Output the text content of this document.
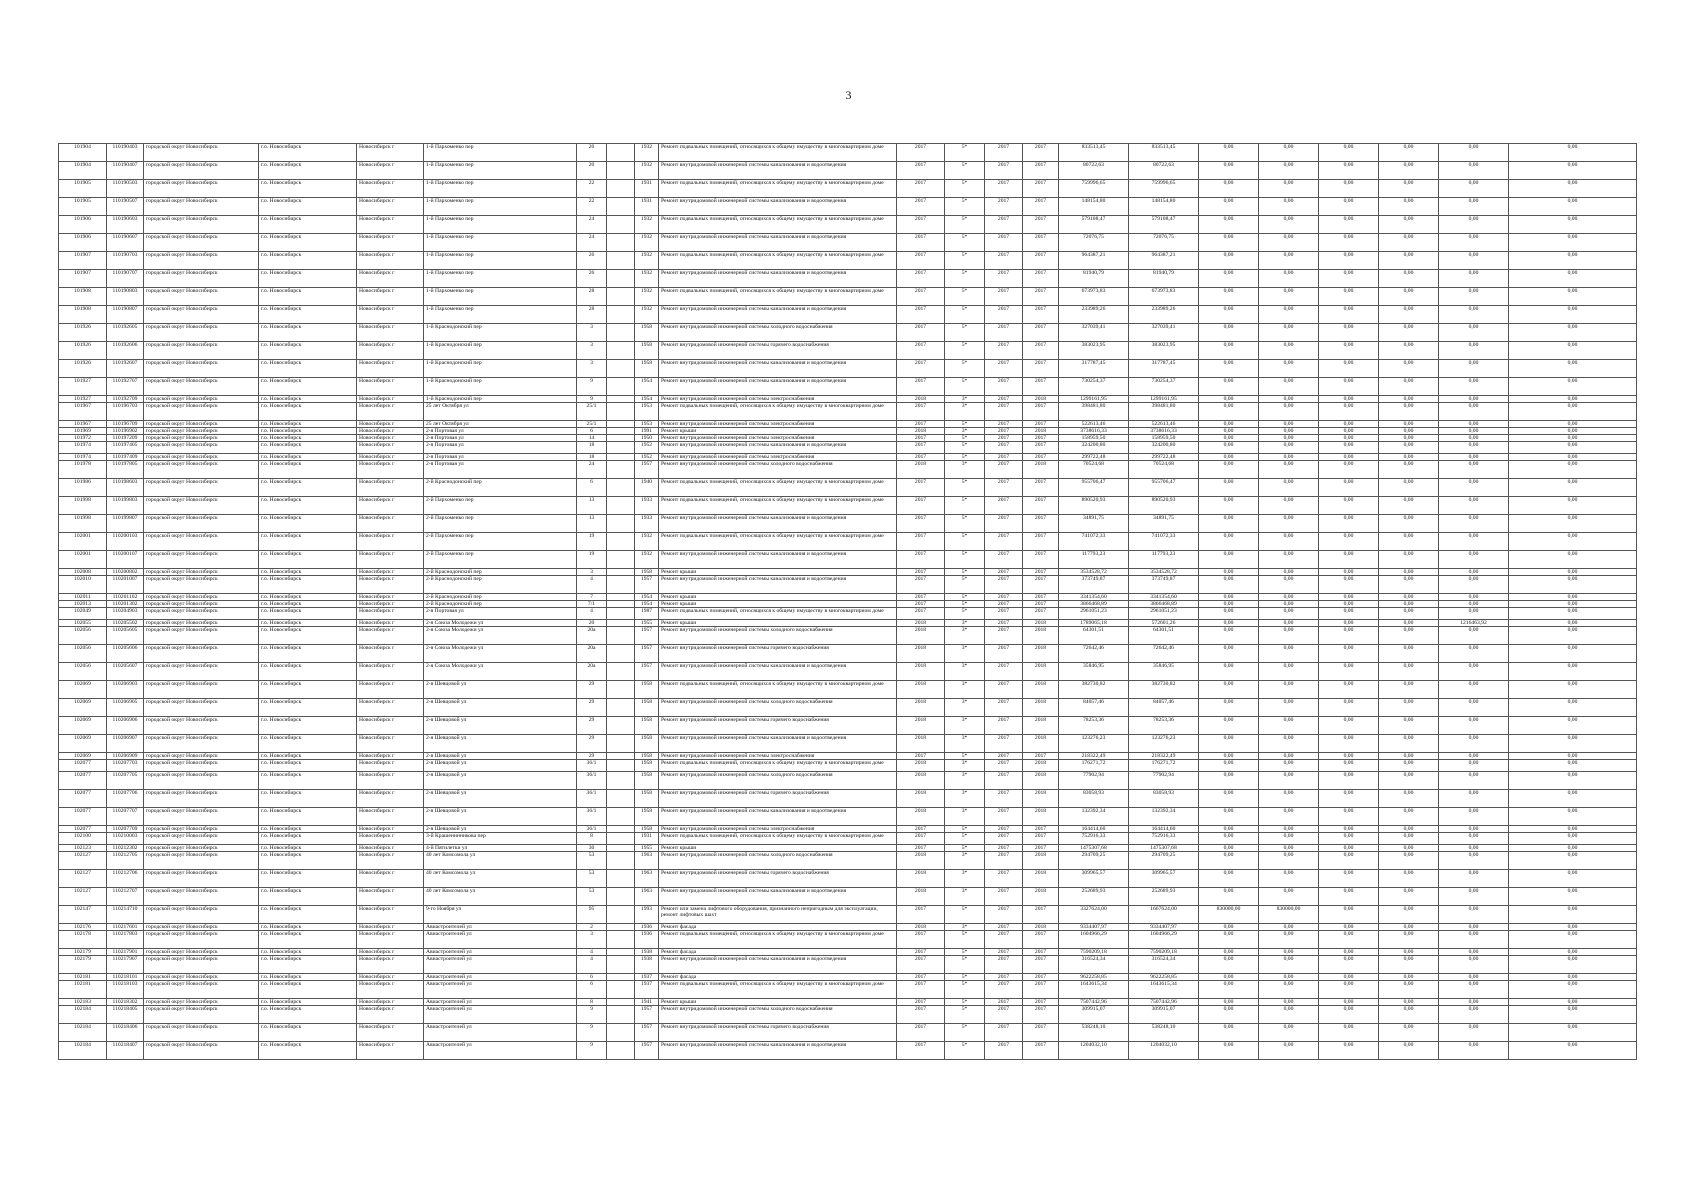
3
101904	110190403	городской округ Новосибирск	г.о. Новосибирск	Новосибирск г	1-й Пархоменко пер	20		1932	Ремонт подвальных помещений, относящихся к общему имуществу в многоквартирном доме	2017	5*	2017	2017	833513,45	833513,45	0,00	0,00	0,00	0,00	0,00	0,00
101904	110190407	городской округ Новосибирск	г.о. Новосибирск	Новосибирск г	1-й Пархоменко пер	20		1932	Ремонт внутридомовой инженерной системы канализования и водоотведения	2017	5*	2017	2017	80722,63	80722,63	0,00	0,00	0,00	0,00	0,00	0,00
101905	110190503	городской округ Новосибирск	г.о. Новосибирск	Новосибирск г	1-й Пархоменко пер	22		1931	Ремонт подвальных помещений, относящихся к общему имуществу в многоквартирном доме	2017	5*	2017	2017	759996,65	759996,65	0,00	0,00	0,00	0,00	0,00	0,00
101905	110190507	городской округ Новосибирск	г.о. Новосибирск	Новосибирск г	1-й Пархоменко пер	22		1931	Ремонт внутридомовой инженерной системы канализования и водоотведения	2017	5*	2017	2017	148154,80	148154,80	0,00	0,00	0,00	0,00	0,00	0,00
101906	110190603	городской округ Новосибирск	г.о. Новосибирск	Новосибирск г	1-й Пархоменко пер	24		1932	Ремонт подвальных помещений, относящихся к общему имуществу в многоквартирном доме	2017	5*	2017	2017	579108,47	579108,47	0,00	0,00	0,00	0,00	0,00	0,00
101906	110190607	городской округ Новосибирск	г.о. Новосибирск	Новосибирск г	1-й Пархоменко пер	24		1932	Ремонт внутридомовой инженерной системы канализования и водоотведения	2017	5*	2017	2017	72076,75	72076,75	0,00	0,00	0,00	0,00	0,00	0,00
101907	110190703	городской округ Новосибирск	г.о. Новосибирск	Новосибирск г	1-й Пархоменко пер	26		1932	Ремонт подвальных помещений, относящихся к общему имуществу в многоквартирном доме	2017	5*	2017	2017	964387,21	964387,21	0,00	0,00	0,00	0,00	0,00	0,00
101907	110190707	городской округ Новосибирск	г.о. Новосибирск	Новосибирск г	1-й Пархоменко пер	26		1932	Ремонт внутридомовой инженерной системы канализования и водоотведения	2017	5*	2017	2017	81940,79	81940,79	0,00	0,00	0,00	0,00	0,00	0,00
101908	110190803	городской округ Новосибирск	г.о. Новосибирск	Новосибирск г	1-й Пархоменко пер	28		1932	Ремонт подвальных помещений, относящихся к общему имуществу в многоквартирном доме	2017	5*	2017	2017	673973,83	673973,83	0,00	0,00	0,00	0,00	0,00	0,00
101908	110190807	городской округ Новосибирск	г.о. Новосибирск	Новосибирск г	1-й Пархоменко пер	28		1932	Ремонт внутридомовой инженерной системы канализования и водоотведения	2017	5*	2017	2017	233989,26	233989,26	0,00	0,00	0,00	0,00	0,00	0,00
101926	110192605	городской округ Новосибирск	г.о. Новосибирск	Новосибирск г	1-й Краснодонский пер	3		1958	Ремонт внутридомовой инженерной системы холодного водоснабжения	2017	5*	2017	2017	327039,41	327039,41	0,00	0,00	0,00	0,00	0,00	0,00
101926	110192606	городской округ Новосибирск	г.о. Новосибирск	Новосибирск г	1-й Краснодонский пер	3		1958	Ремонт внутридомовой инженерной системы горячего водоснабжения	2017	5*	2017	2017	383023,95	383023,95	0,00	0,00	0,00	0,00	0,00	0,00
101926	110192607	городской округ Новосибирск	г.о. Новосибирск	Новосибирск г	1-й Краснодонский пер	3		1958	Ремонт внутридомовой инженерной системы канализования и водоотведения	2017	5*	2017	2017	317787,45	317787,45	0,00	0,00	0,00	0,00	0,00	0,00
101927	110192707	городской округ Новосибирск	г.о. Новосибирск	Новосибирск г	1-й Краснодонский пер	9		1954	Ремонт внутридомовой инженерной системы канализования и водоотведения	2017	5*	2017	2017	730254,37	730254,37	0,00	0,00	0,00	0,00	0,00	0,00
101927	110192709	городской округ Новосибирск	г.о. Новосибирск	Новосибирск г	1-й Краснодонский пер	9		1954	Ремонт внутридомовой инженерной системы электроснабжения	2018	3*	2017	2018	1299161,95	1299161,95	0,00	0,00	0,00	0,00	0,00	0,00
101967	110196703	городской округ Новосибирск	г.о. Новосибирск	Новосибирск г	25 лет Октября ул	25/1		1953	Ремонт подвальных помещений, относящихся к общему имуществу в многоквартирном доме	2017	3*	2017	2017	398481,80	398481,80	0,00	0,00	0,00	0,00	0,00	0,00
101967	110196709	городской округ Новосибирск	г.о. Новосибирск	Новосибирск г	25 лет Октября ул	25/1		1953	Ремонт внутридомовой инженерной системы электроснабжения	2017	5*	2017	2017	522613,46	522613,46	0,00	0,00	0,00	0,00	0,00	0,00
101969	110196902	городской округ Новосибирск	г.о. Новосибирск	Новосибирск г	2-я Портовая ул	6		1991	Ремонт крыши	2018	3*	2017	2018	3738616,33	3738616,33	0,00	0,00	0,00	0,00	0,00	0,00
101972	110197209	городской округ Новосибирск	г.о. Новосибирск	Новосибирск г	2-я Портовая ул	14		1950	Ремонт внутридомовой инженерной системы электроснабжения	2017	5*	2017	2017	158959,50	158959,50	0,00	0,00	0,00	0,00	0,00	0,00
101974	110197405	городской округ Новосибирск	г.о. Новосибирск	Новосибирск г	2-я Портовая ул	18		1952	Ремонт внутридомовой инженерной системы канализования и водоотведения	2017	5*	2017	2017	324200,80	324200,80	0,00	0,00	0,00	0,00	0,00	0,00
101974	110197409	городской округ Новосибирск	г.о. Новосибирск	Новосибирск г	2-я Портовая ул	18		1952	Ремонт внутридомовой инженерной системы электроснабжения	2017	5*	2017	2017	299722,48	299722,48	0,00	0,00	0,00	0,00	0,00	0,00
101978	110197805	городской округ Новосибирск	г.о. Новосибирск	Новосибирск г	2-я Портовая ул	24		1957	Ремонт внутридомовой инженерной системы холодного водоснабжения	2018	3*	2017	2018	70524,68	70524,68	0,00	0,00	0,00	0,00	0,00	0,00
101986	110198603	городской округ Новосибирск	г.о. Новосибирск	Новосибирск г	2-й Краснодонский пер	6		1940	Ремонт подвальных помещений, относящихся к общему имуществу в многоквартирном доме	2017	5*	2017	2017	955706,47	955706,47	0,00	0,00	0,00	0,00	0,00	0,00
101998	110199803	городской округ Новосибирск	г.о. Новосибирск	Новосибирск г	2-й Пархоменко пер	13		1933	Ремонт подвальных помещений, относящихся к общему имуществу в многоквартирном доме	2017	5*	2017	2017	890520,93	890520,93	0,00	0,00	0,00	0,00	0,00	0,00
101998	110199807	городской округ Новосибирск	г.о. Новосибирск	Новосибирск г	2-й Пархоменко пер	13		1933	Ремонт внутридомовой инженерной системы канализования и водоотведения	2017	5*	2017	2017	34891,75	34891,75	0,00	0,00	0,00	0,00	0,00	0,00
102001	110200103	городской округ Новосибирск	г.о. Новосибирск	Новосибирск г	2-й Пархоменко пер	19		1932	Ремонт подвальных помещений, относящихся к общему имуществу в многоквартирном доме	2017	5*	2017	2017	741072,33	741072,33	0,00	0,00	0,00	0,00	0,00	0,00
102001	110200107	городской округ Новосибирск	г.о. Новосибирск	Новосибирск г	2-й Пархоменко пер	19		1932	Ремонт внутридомовой инженерной системы канализования и водоотведения	2017	5*	2017	2017	117793,23	117793,23	0,00	0,00	0,00	0,00	0,00	0,00
102008	110200802	городской округ Новосибирск	г.о. Новосибирск	Новосибирск г	2-й Краснодонский пер	3		1958	Ремонт крыши	2017	5*	2017	2017	3534528,72	3534528,72	0,00	0,00	0,00	0,00	0,00	0,00
102010	110201007	городской округ Новосибирск	г.о. Новосибирск	Новосибирск г	2-й Краснодонский пер	4		1957	Ремонт внутридомовой инженерной системы канализования и водоотведения	2017	5*	2017	2017	373749,87	373749,87	0,00	0,00	0,00	0,00	0,00	0,00
102011	110201102	городской округ Новосибирск	г.о. Новосибирск	Новосибирск г	2-й Краснодонский пер	7		1954	Ремонт крыши	2017	5*	2017	2017	3341354,60	3341354,60	0,00	0,00	0,00	0,00	0,00	0,00
102013	110201302	городской округ Новосибирск	г.о. Новосибирск	Новосибирск г	2-й Краснодонский пер	7/1		1954	Ремонт крыши	2017	5*	2017	2017	3866468,89	3866468,89	0,00	0,00	0,00	0,00	0,00	0,00
102049	110204903	городской округ Новосибирск	г.о. Новосибирск	Новосибирск г	2-я Портовая ул	4		1987	Ремонт подвальных помещений, относящихся к общему имуществу в многоквартирном доме	2017	5*	2017	2017	2961051,23	2961051,23	0,00	0,00	0,00	0,00	0,00	0,00
102055	110205502	городской округ Новосибирск	г.о. Новосибирск	Новосибирск г	2-я Союза Молодежи ул	20		1955	Ремонт крыши	2018	3*	2017	2018	1789065,18	572601,26	0,00	0,00	0,00	0,00	1216463,92	0,00
102056	110205605	городской округ Новосибирск	г.о. Новосибирск	Новосибирск г	2-я Союза Молодежи ул	20а		1957	Ремонт внутридомовой инженерной системы холодного водоснабжения	2018	3*	2017	2018	64301,51	64301,51	0,00	0,00	0,00	0,00	0,00	0,00
102056	110205606	городской округ Новосибирск	г.о. Новосибирск	Новосибирск г	2-я Союза Молодежи ул	20а		1957	Ремонт внутридомовой инженерной системы горячего водоснабжения	2018	3*	2017	2018	72642,46	72642,46	0,00	0,00	0,00	0,00	0,00	0,00
102056	110205607	городской округ Новосибирск	г.о. Новосибирск	Новосибирск г	2-я Союза Молодежи ул	20а		1957	Ремонт внутридомовой инженерной системы канализования и водоотведения	2018	3*	2017	2018	35846,95	35846,95	0,00	0,00	0,00	0,00	0,00	0,00
102069	110206903	городской округ Новосибирск	г.о. Новосибирск	Новосибирск г	2-я Шевцовой ул	29		1958	Ремонт подвальных помещений, относящихся к общему имуществу в многоквартирном доме	2018	3*	2017	2018	382730,82	382730,82	0,00	0,00	0,00	0,00	0,00	0,00
102069	110206905	городской округ Новосибирск	г.о. Новосибирск	Новосибирск г	2-я Шевцовой ул	29		1958	Ремонт внутридомовой инженерной системы холодного водоснабжения	2018	3*	2017	2018	84057,46	84057,46	0,00	0,00	0,00	0,00	0,00	0,00
102069	110206906	городской округ Новосибирск	г.о. Новосибирск	Новосибирск г	2-я Шевцовой ул	29		1958	Ремонт внутридомовой инженерной системы горячего водоснабжения	2018	3*	2017	2018	78253,36	78253,36	0,00	0,00	0,00	0,00	0,00	0,00
102069	110206907	городской округ Новосибирск	г.о. Новосибирск	Новосибирск г	2-я Шевцовой ул	29		1958	Ремонт внутридомовой инженерной системы канализования и водоотведения	2018	3*	2017	2018	123276,23	123276,23	0,00	0,00	0,00	0,00	0,00	0,00
102069	110206909	городской округ Новосибирск	г.о. Новосибирск	Новосибирск г	2-я Шевцовой ул	29		1958	Ремонт внутридомовой инженерной системы электроснабжения	2017	5*	2017	2017	218322,49	218322,49	0,00	0,00	0,00	0,00	0,00	0,00
102077	110207703	городской округ Новосибирск	г.о. Новосибирск	Новосибирск г	2-я Шевцовой ул	36/1		1958	Ремонт подвальных помещений, относящихся к общему имуществу в многоквартирном доме	2018	3*	2017	2018	176271,72	176271,72	0,00	0,00	0,00	0,00	0,00	0,00
102077	110207705	городской округ Новосибирск	г.о. Новосибирск	Новосибирск г	2-я Шевцовой ул	36/1		1958	Ремонт внутридомовой инженерной системы холодного водоснабжения	2018	3*	2017	2018	77902,94	77902,94	0,00	0,00	0,00	0,00	0,00	0,00
102077	110207706	городской округ Новосибирск	г.о. Новосибирск	Новосибирск г	2-я Шевцовой ул	36/1		1958	Ремонт внутридомовой инженерной системы горячего водоснабжения	2018	3*	2017	2018	83058,93	83058,93	0,00	0,00	0,00	0,00	0,00	0,00
102077	110207707	городской округ Новосибирск	г.о. Новосибирск	Новосибирск г	2-я Шевцовой ул	36/1		1958	Ремонт внутридомовой инженерной системы канализования и водоотведения	2018	3*	2017	2018	132392,34	132392,34	0,00	0,00	0,00	0,00	0,00	0,00
102077	110207709	городской округ Новосибирск	г.о. Новосибирск	Новосибирск г	2-я Шевцовой ул	36/1		1958	Ремонт внутридомовой инженерной системы электроснабжения	2017	5*	2017	2017	164414,60	164414,60	0,00	0,00	0,00	0,00	0,00	0,00
102100	110210003	городской округ Новосибирск	г.о. Новосибирск	Новосибирск г	3-й Крашенинникова пер	8		1931	Ремонт подвальных помещений, относящихся к общему имуществу в многоквартирном доме	2017	5*	2017	2017	752916,33	752916,33	0,00	0,00	0,00	0,00	0,00	0,00
102123	110212302	городской округ Новосибирск	г.о. Новосибирск	Новосибирск г	4-й Пятилетки ул	30		1955	Ремонт крыши	2017	5*	2017	2017	1475307,68	1475307,68	0,00	0,00	0,00	0,00	0,00	0,00
102127	110212705	городской округ Новосибирск	г.о. Новосибирск	Новосибирск г	40 лет Комсомола ул	53		1963	Ремонт внутридомовой инженерной системы холодного водоснабжения	2018	3*	2017	2018	294709,25	294709,25	0,00	0,00	0,00	0,00	0,00	0,00
102127	110212706	городской округ Новосибирск	г.о. Новосибирск	Новосибирск г	40 лет Комсомола ул	53		1963	Ремонт внутридомовой инженерной системы горячего водоснабжения	2018	3*	2017	2018	309965,57	309965,57	0,00	0,00	0,00	0,00	0,00	0,00
102127	110212707	городской округ Новосибирск	г.о. Новосибирск	Новосибирск г	40 лет Комсомола ул	53		1963	Ремонт внутридомовой инженерной системы канализования и водоотведения	2018	3*	2017	2018	252689,93	252689,93	0,00	0,00	0,00	0,00	0,00	0,00
102147	110214710	городской округ Новосибирск	г.о. Новосибирск	Новосибирск г	9-го Ноября ул	95		1993	Ремонт или замена лифтового оборудования, признанного непригодным для эксплуатации, ремонт лифтовых шахт	2017	5*	2017	2017	3327624,00	1667624,00	830000,00	830000,00	0,00	0,00	0,00	0,00
102176	110217601	городской округ Новосибирск	г.о. Новосибирск	Новосибирск г	Авиастроителей ул	2		1936	Ремонт фасада	2018	3*	2017	2018	9334407,97	9334407,97	0,00	0,00	0,00	0,00	0,00	0,00
102178	110217803	городской округ Новосибирск	г.о. Новосибирск	Новосибирск г	Авиастроителей ул	3		1936	Ремонт подвальных помещений, относящихся к общему имуществу в многоквартирном доме	2017	5*	2017	2017	1604966,29	1604966,29	0,00	0,00	0,00	0,00	0,00	0,00
102179	110217901	городской округ Новосибирск	г.о. Новосибирск	Новосибирск г	Авиастроителей ул	4		1938	Ремонт фасада	2017	5*	2017	2017	7590209,18	7590209,18	0,00	0,00	0,00	0,00	0,00	0,00
102179	110217907	городской округ Новосибирск	г.о. Новосибирск	Новосибирск г	Авиастроителей ул	4		1938	Ремонт внутридомовой инженерной системы канализования и водоотведения	2017	5*	2017	2017	316524,34	316524,34	0,00	0,00	0,00	0,00	0,00	0,00
102181	110218101	городской округ Новосибирск	г.о. Новосибирск	Новосибирск г	Авиастроителей ул	6		1937	Ремонт фасада	2017	5*	2017	2017	9622258,85	9622258,85	0,00	0,00	0,00	0,00	0,00	0,00
102181	110218103	городской округ Новосибирск	г.о. Новосибирск	Новосибирск г	Авиастроителей ул	6		1937	Ремонт подвальных помещений, относящихся к общему имуществу в многоквартирном доме	2017	5*	2017	2017	1643615,34	1643615,34	0,00	0,00	0,00	0,00	0,00	0,00
102183	110218302	городской округ Новосибирск	г.о. Новосибирск	Новосибирск г	Авиастроителей ул	8		1941	Ремонт крыши	2017	5*	2017	2017	7507442,96	7507442,96	0,00	0,00	0,00	0,00	0,00	0,00
102184	110218405	городской округ Новосибирск	г.о. Новосибирск	Новосибирск г	Авиастроителей ул	9		1957	Ремонт внутридомовой инженерной системы холодного водоснабжения	2017	5*	2017	2017	309915,07	309915,07	0,00	0,00	0,00	0,00	0,00	0,00
102184	110218406	городской округ Новосибирск	г.о. Новосибирск	Новосибирск г	Авиастроителей ул	9		1957	Ремонт внутридомовой инженерной системы горячего водоснабжения	2017	5*	2017	2017	538248,10	538248,10	0,00	0,00	0,00	0,00	0,00	0,00
102184	110218407	городской округ Новосибирск	г.о. Новосибирск	Новосибирск г	Авиастроителей ул	9		1957	Ремонт внутридомовой инженерной системы канализования и водоотведения	2017	5*	2017	2017	1204032,10	1204032,10	0,00	0,00	0,00	0,00	0,00	0,00
